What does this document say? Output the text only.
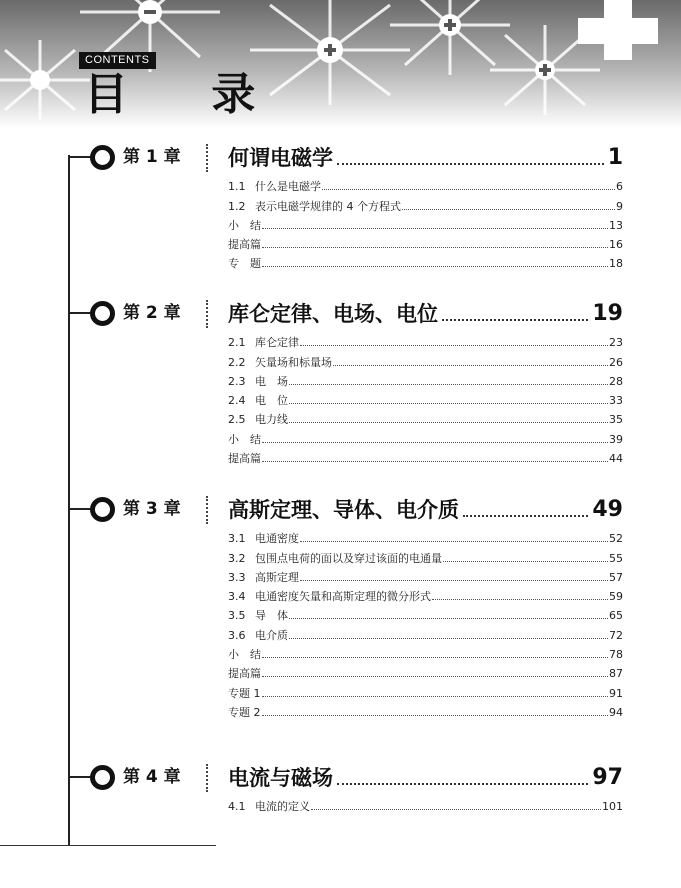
CONTENTS
目 录
第 1 章 何谓电磁学	1
1.1 什么是电磁学	6
1.2 表示电磁学规律的 4 个方程式	9
小　结	13
提高篇	16
专　题	18
第 2 章 库仑定律、电场、电位	19
2.1 库仑定律	23
2.2 矢量场和标量场	26
2.3 电　场	28
2.4 电　位	33
2.5 电力线	35
小　结	39
提高篇	44
第 3 章 高斯定理、导体、电介质	49
3.1 电通密度	52
3.2 包围点电荷的面以及穿过该面的电通量	55
3.3 高斯定理	57
3.4 电通密度矢量和高斯定理的微分形式	59
3.5 导　体	65
3.6 电介质	72
小　结	78
提高篇	87
专题 1	91
专题 2	94
第 4 章 电流与磁场	97
4.1 电流的定义	101
